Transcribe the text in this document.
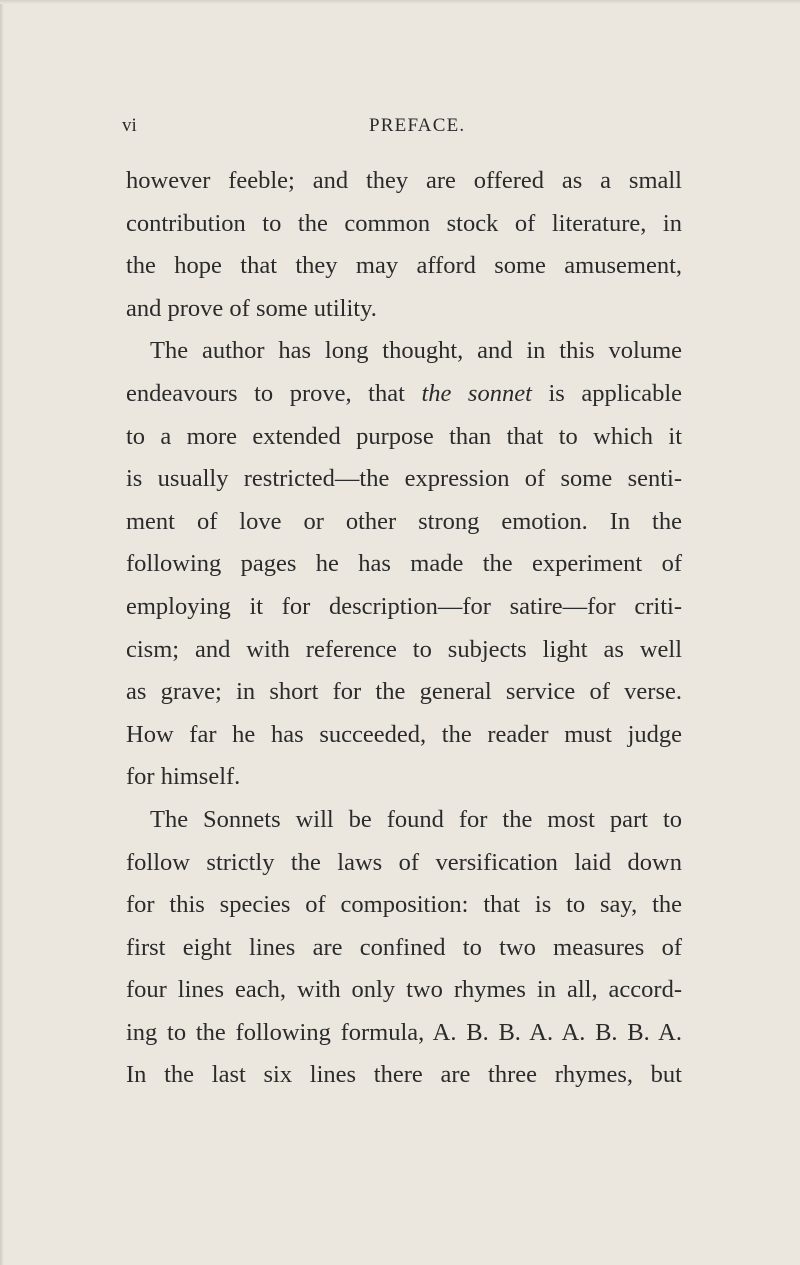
vi	PREFACE.
however feeble; and they are offered as a small
contribution to the common stock of literature, in
the hope that they may afford some amusement,
and prove of some utility.
The author has long thought, and in this volume
endeavours to prove, that the sonnet is applicable
to a more extended purpose than that to which it
is usually restricted—the expression of some senti-
ment of love or other strong emotion. In the
following pages he has made the experiment of
employing it for description—for satire—for criti-
cism; and with reference to subjects light as well
as grave; in short for the general service of verse.
How far he has succeeded, the reader must judge
for himself.
The Sonnets will be found for the most part to
follow strictly the laws of versification laid down
for this species of composition: that is to say, the
first eight lines are confined to two measures of
four lines each, with only two rhymes in all, accord-
ing to the following formula, A. B. B. A. A. B. B. A.
In the last six lines there are three rhymes, but
